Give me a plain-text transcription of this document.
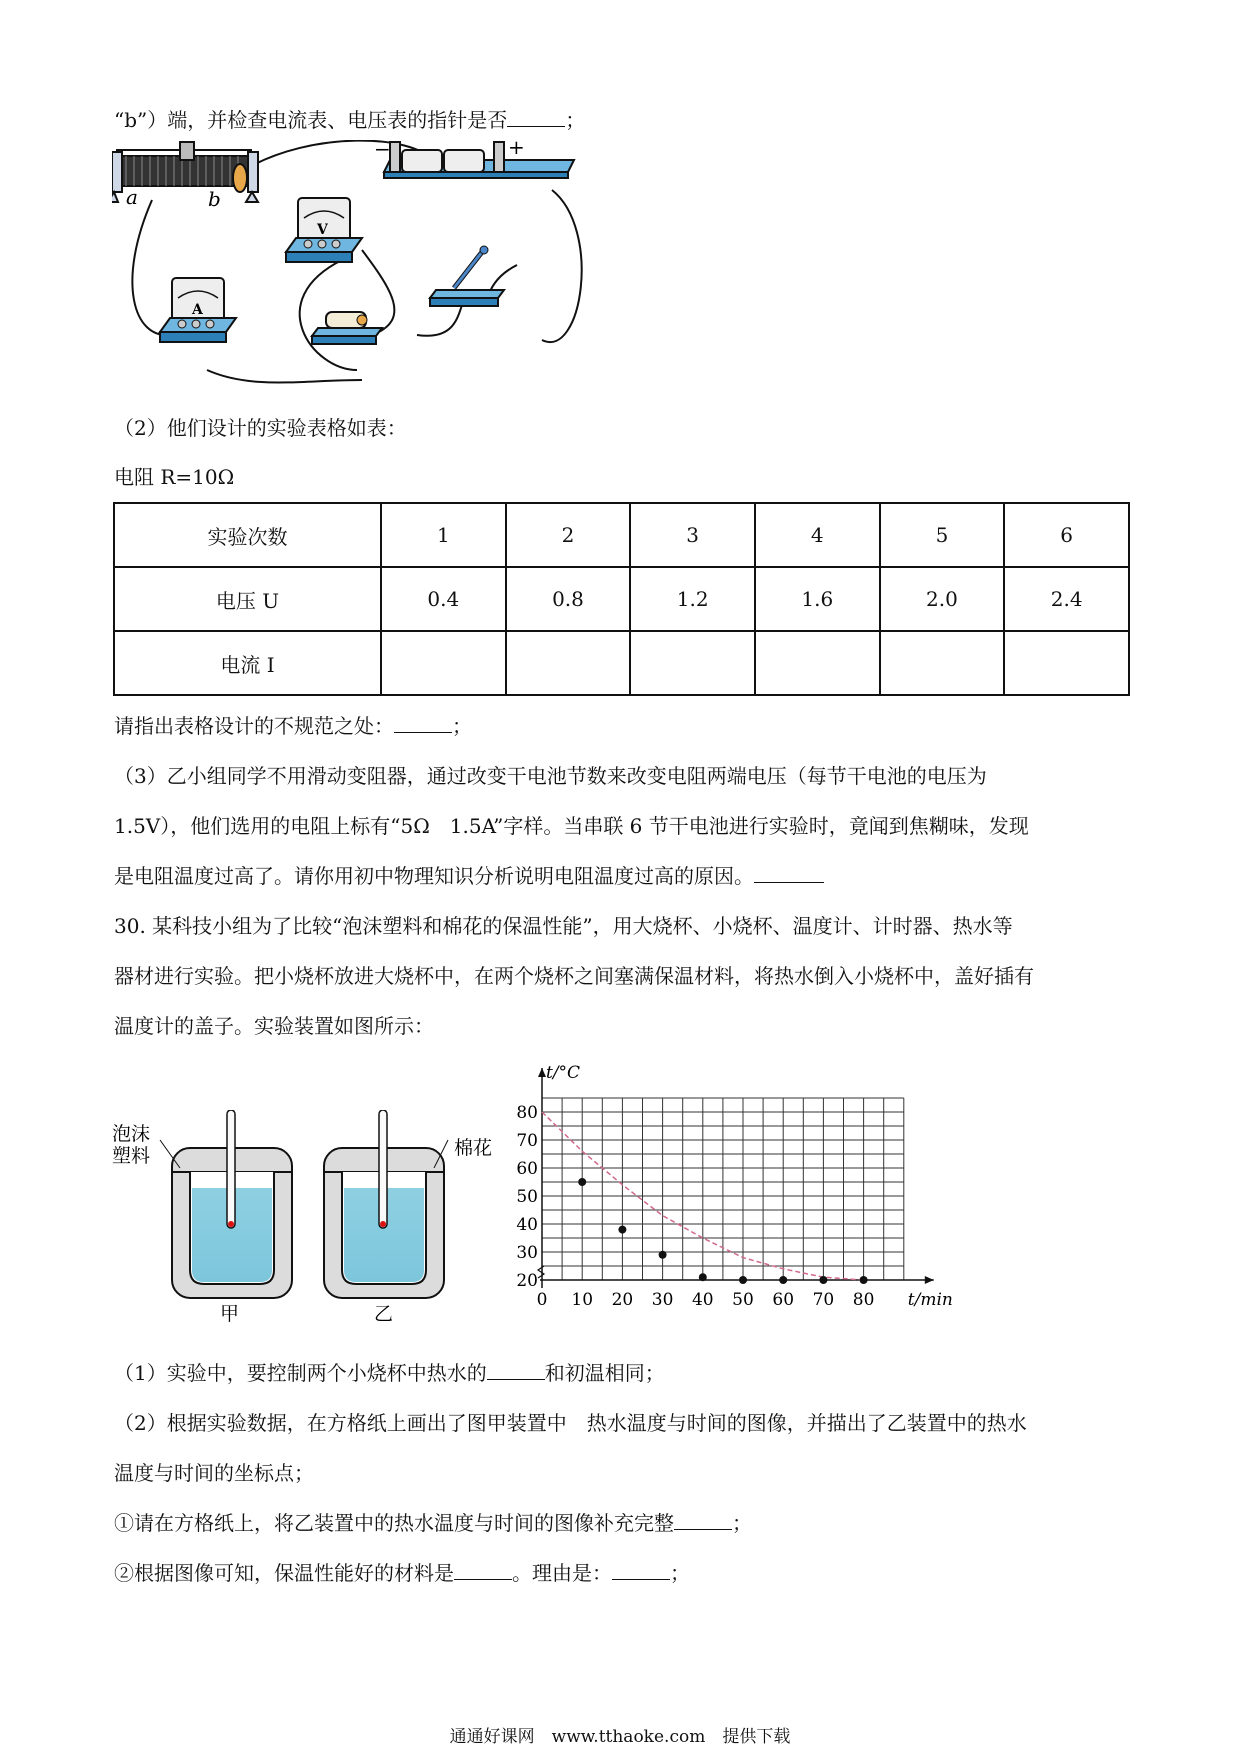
“b”）端，并检查电流表、电压表的指针是否	；
a	b
−	+
V
A
（2）他们设计的实验表格如表：
电阻 R=10Ω
实验次数	1	2	3	4	5	6
电压 U	0.4	0.8	1.2	1.6	2.0	2.4
电流 I						
请指出表格设计的不规范之处：	；
（3）乙小组同学不用滑动变阻器，通过改变干电池节数来改变电阻两端电压（每节干电池的电压为
1.5V），他们选用的电阻上标有“5Ω　1.5A”字样。当串联 6 节干电池进行实验时，竟闻到焦糊味，发现
是电阻温度过高了。请你用初中物理知识分析说明电阻温度过高的原因。
30. 某科技小组为了比较“泡沫塑料和棉花的保温性能”，用大烧杯、小烧杯、温度计、计时器、热水等
器材进行实验。把小烧杯放进大烧杯中，在两个烧杯之间塞满保温材料，将热水倒入小烧杯中，盖好插有
温度计的盖子。实验装置如图所示：
泡沫
塑料
甲
棉花
乙
0 10 20 30 40 50 60 70 80
20
30
40
50
60
70
80
t/°C
t/min
（1）实验中，要控制两个小烧杯中热水的	和初温相同；
（2）根据实验数据，在方格纸上画出了图甲装置中　热水温度与时间的图像，并描出了乙装置中的热水
温度与时间的坐标点；
①请在方格纸上，将乙装置中的热水温度与时间的图像补充完整	；
②根据图像可知，保温性能好的材料是	。理由是：	；
通通好课网　www.tthaoke.com　提供下载
